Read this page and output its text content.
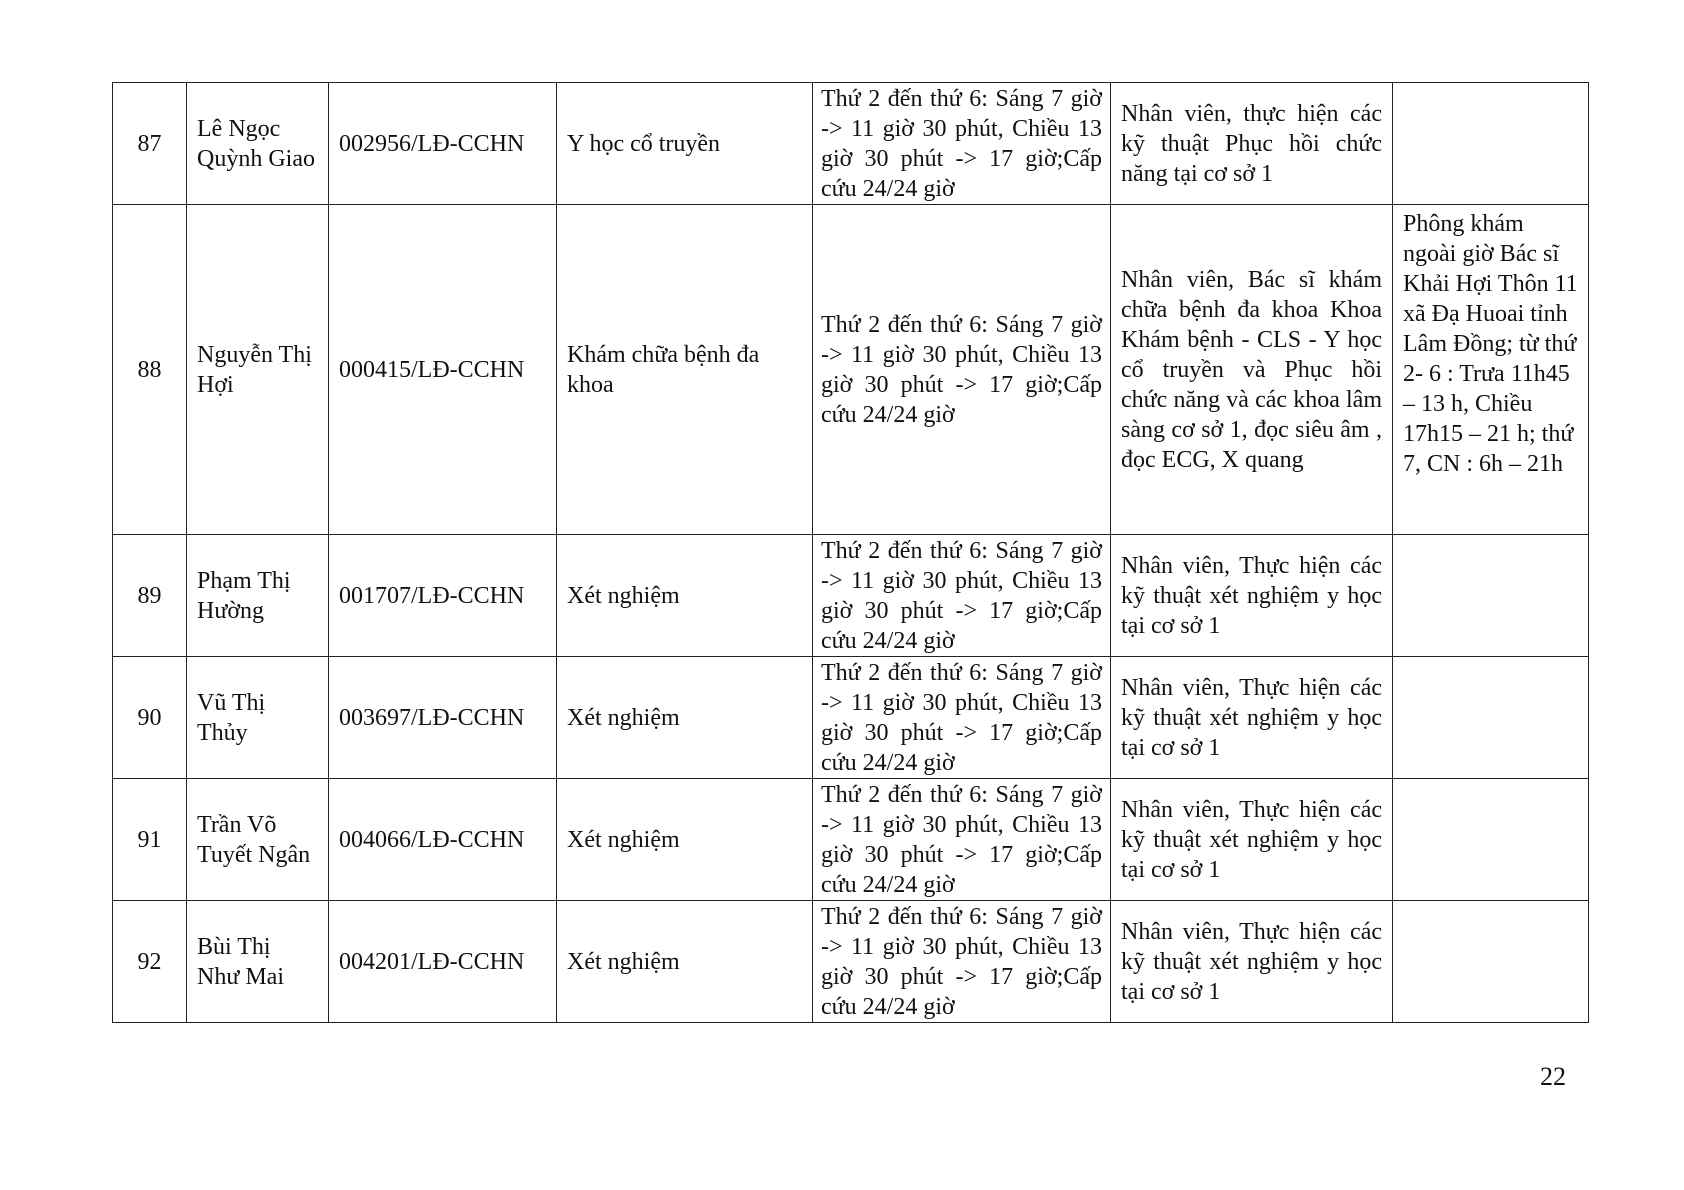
87	Lê Ngọc Quỳnh Giao	002956/LĐ-CCHN	Y học cổ truyền	Thứ 2 đến thứ 6: Sáng 7 giờ -> 11 giờ 30 phút, Chiều 13 giờ 30 phút -> 17 giờ;Cấp cứu 24/24 giờ	Nhân viên, thực hiện các kỹ thuật Phục hồi chức năng tại cơ sở 1	
88	Nguyễn Thị Hợi	000415/LĐ-CCHN	Khám chữa bệnh đa khoa	Thứ 2 đến thứ 6: Sáng 7 giờ -> 11 giờ 30 phút, Chiều 13 giờ 30 phút -> 17 giờ;Cấp cứu 24/24 giờ	Nhân viên, Bác sĩ khám chữa bệnh đa khoa Khoa Khám bệnh - CLS - Y học cổ truyền và Phục hồi chức năng và các khoa lâm sàng cơ sở 1, đọc siêu âm , đọc ECG, X quang	Phông khám ngoài giờ Bác sĩ Khải Hợi Thôn 11 xã Đạ Huoai tỉnh Lâm Đồng; từ thứ 2- 6 : Trưa 11h45 – 13 h, Chiều 17h15 – 21 h; thứ 7, CN : 6h – 21h
89	Phạm Thị Hường	001707/LĐ-CCHN	Xét nghiệm	Thứ 2 đến thứ 6: Sáng 7 giờ -> 11 giờ 30 phút, Chiều 13 giờ 30 phút -> 17 giờ;Cấp cứu 24/24 giờ	Nhân viên, Thực hiện các kỹ thuật xét nghiệm y học tại cơ sở 1	
90	Vũ Thị Thủy	003697/LĐ-CCHN	Xét nghiệm	Thứ 2 đến thứ 6: Sáng 7 giờ -> 11 giờ 30 phút, Chiều 13 giờ 30 phút -> 17 giờ;Cấp cứu 24/24 giờ	Nhân viên, Thực hiện các kỹ thuật xét nghiệm y học tại cơ sở 1	
91	Trần Võ Tuyết Ngân	004066/LĐ-CCHN	Xét nghiệm	Thứ 2 đến thứ 6: Sáng 7 giờ -> 11 giờ 30 phút, Chiều 13 giờ 30 phút -> 17 giờ;Cấp cứu 24/24 giờ	Nhân viên, Thực hiện các kỹ thuật xét nghiệm y học tại cơ sở 1	
92	Bùi Thị Như Mai	004201/LĐ-CCHN	Xét nghiệm	Thứ 2 đến thứ 6: Sáng 7 giờ -> 11 giờ 30 phút, Chiều 13 giờ 30 phút -> 17 giờ;Cấp cứu 24/24 giờ	Nhân viên, Thực hiện các kỹ thuật xét nghiệm y học tại cơ sở 1	
22
